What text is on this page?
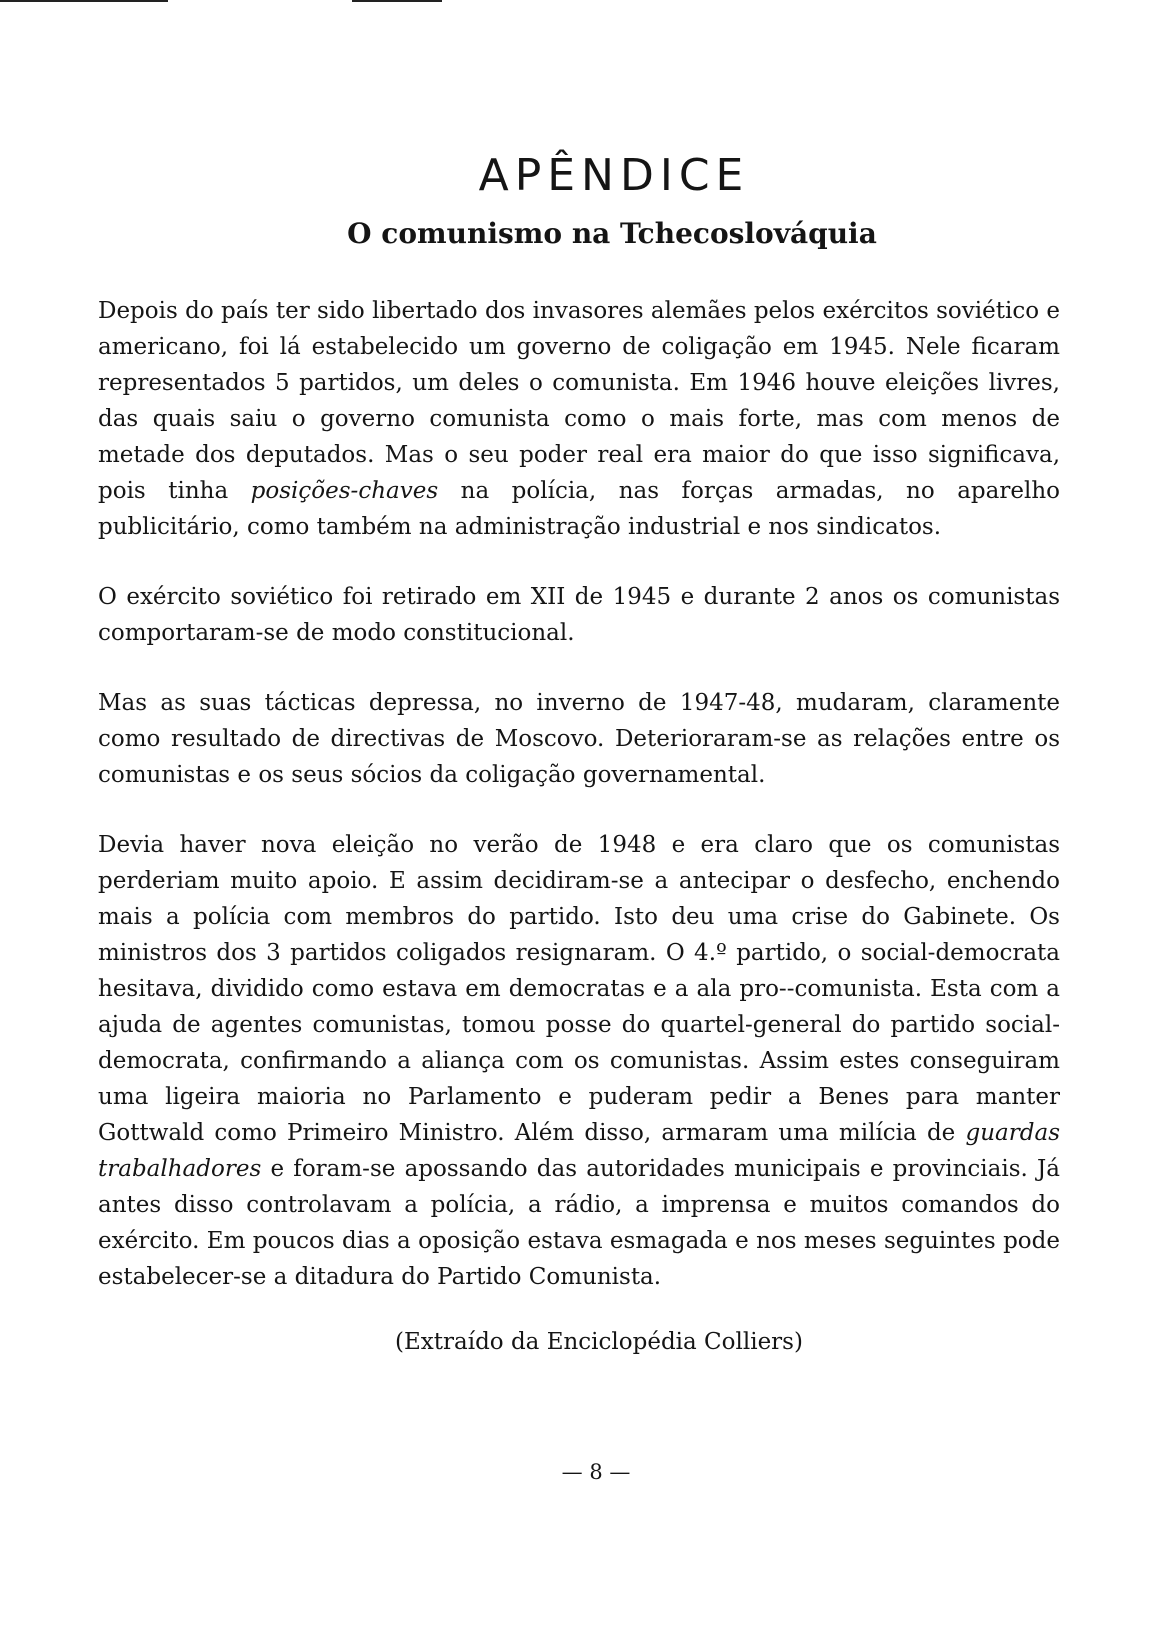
APÊNDICE
O comunismo na Tchecoslováquia

Depois do país ter sido libertado dos invasores alemães pelos exércitos soviético e americano, foi lá estabelecido um governo de coligação em 1945. Nele ficaram representados 5 partidos, um deles o comunista. Em 1946 houve eleições livres, das quais saiu o governo comunista como o mais forte, mas com menos de metade dos deputados. Mas o seu poder real era maior do que isso significava, pois tinha posições-chaves na polícia, nas forças armadas, no aparelho publicitário, como também na administração industrial e nos sindicatos.

O exército soviético foi retirado em XII de 1945 e durante 2 anos os comunistas comportaram-se de modo constitucional.

Mas as suas tácticas depressa, no inverno de 1947-48, mudaram, claramente como resultado de directivas de Moscovo. Deterioraram-se as relações entre os comunistas e os seus sócios da coligação governamental.

Devia haver nova eleição no verão de 1948 e era claro que os comunistas perderiam muito apoio. E assim decidiram-se a antecipar o desfecho, enchendo mais a polícia com membros do partido. Isto deu uma crise do Gabinete. Os ministros dos 3 partidos coligados resignaram. O 4.º partido, o social-democrata hesitava, dividido como estava em democratas e a ala pro--comunista. Esta com a ajuda de agentes comunistas, tomou posse do quartel-general do partido social-democrata, confirmando a aliança com os comunistas. Assim estes conseguiram uma ligeira maioria no Parlamento e puderam pedir a Benes para manter Gottwald como Primeiro Ministro. Além disso, armaram uma milícia de guardas trabalhadores e foram-se apossando das autoridades municipais e provinciais. Já antes disso controlavam a polícia, a rádio, a imprensa e muitos comandos do exército. Em poucos dias a oposição estava esmagada e nos meses seguintes pode estabelecer-se a ditadura do Partido Comunista.

(Extraído da Enciclopédia Colliers)

— 8 —
